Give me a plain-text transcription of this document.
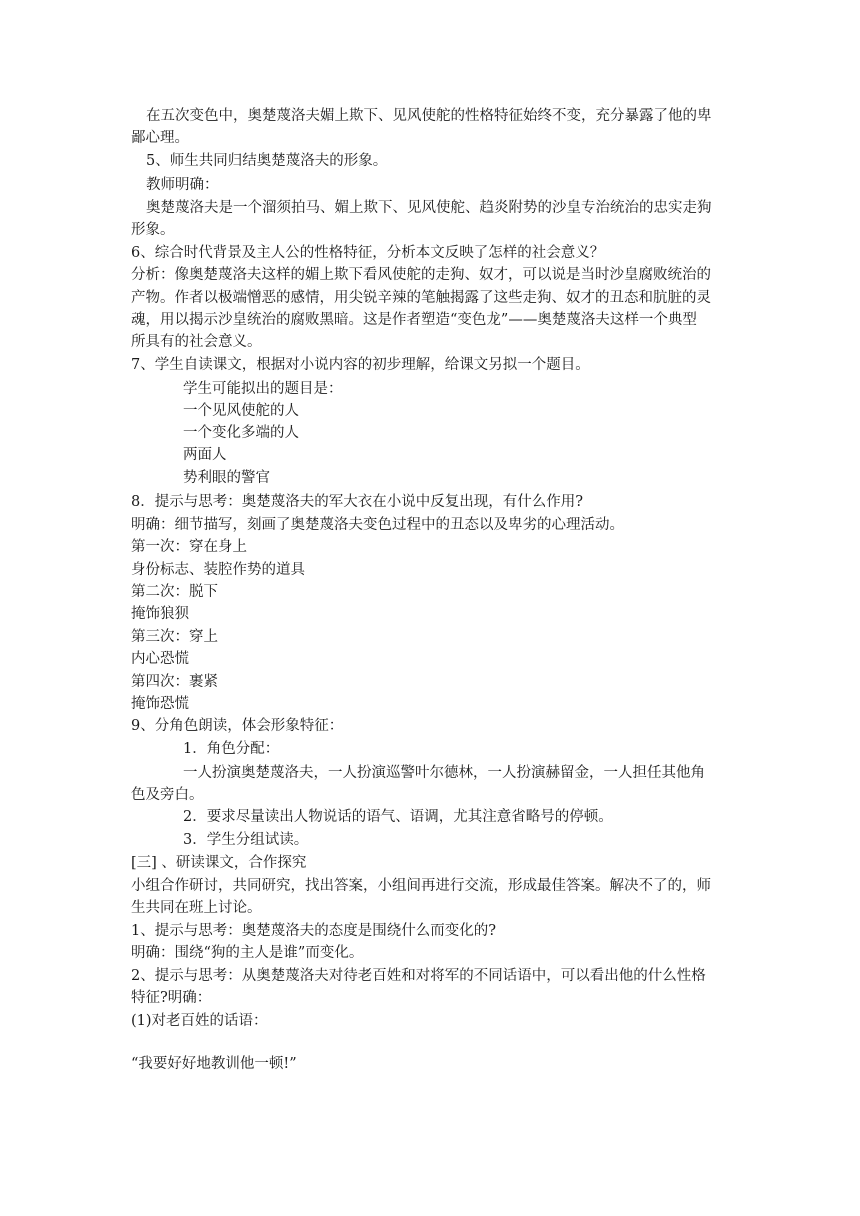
在五次变色中，奥楚蔑洛夫媚上欺下、见风使舵的性格特征始终不变，充分暴露了他的卑
鄙心理。
5、师生共同归结奥楚蔑洛夫的形象。
教师明确：
奥楚蔑洛夫是一个溜须拍马、媚上欺下、见风使舵、趋炎附势的沙皇专治统治的忠实走狗
形象。
6、综合时代背景及主人公的性格特征，分析本文反映了怎样的社会意义？
分析：像奥楚蔑洛夫这样的媚上欺下看风使舵的走狗、奴才，可以说是当时沙皇腐败统治的
产物。作者以极端憎恶的感情，用尖锐辛辣的笔触揭露了这些走狗、奴才的丑态和肮脏的灵
魂，用以揭示沙皇统治的腐败黑暗。这是作者塑造“变色龙”——奥楚蔑洛夫这样一个典型
所具有的社会意义。
7、学生自读课文，根据对小说内容的初步理解，给课文另拟一个题目。
学生可能拟出的题目是：
一个见风使舵的人
一个变化多端的人
两面人
势利眼的警官
8．提示与思考：奥楚蔑洛夫的军大衣在小说中反复出现，有什么作用?
明确：细节描写，刻画了奥楚蔑洛夫变色过程中的丑态以及卑劣的心理活动。
第一次：穿在身上
身份标志、装腔作势的道具
第二次：脱下
掩饰狼狈
第三次：穿上
内心恐慌
第四次：裹紧
掩饰恐慌
9、分角色朗读，体会形象特征：
1．角色分配：
一人扮演奥楚蔑洛夫，一人扮演巡警叶尔德林，一人扮演赫留金，一人担任其他角
色及旁白。
2．要求尽量读出人物说话的语气、语调，尤其注意省略号的停顿。
3．学生分组试读。
[三] 、研读课文，合作探究
小组合作研讨，共同研究，找出答案，小组间再进行交流，形成最佳答案。解决不了的，师
生共同在班上讨论。
1、提示与思考：奥楚蔑洛夫的态度是围绕什么而变化的?
明确：围绕“狗的主人是谁”而变化。
2、提示与思考：从奥楚蔑洛夫对待老百姓和对将军的不同话语中，可以看出他的什么性格
特征?明确：
(1)对老百姓的话语：
“我要好好地教训他一顿!”
